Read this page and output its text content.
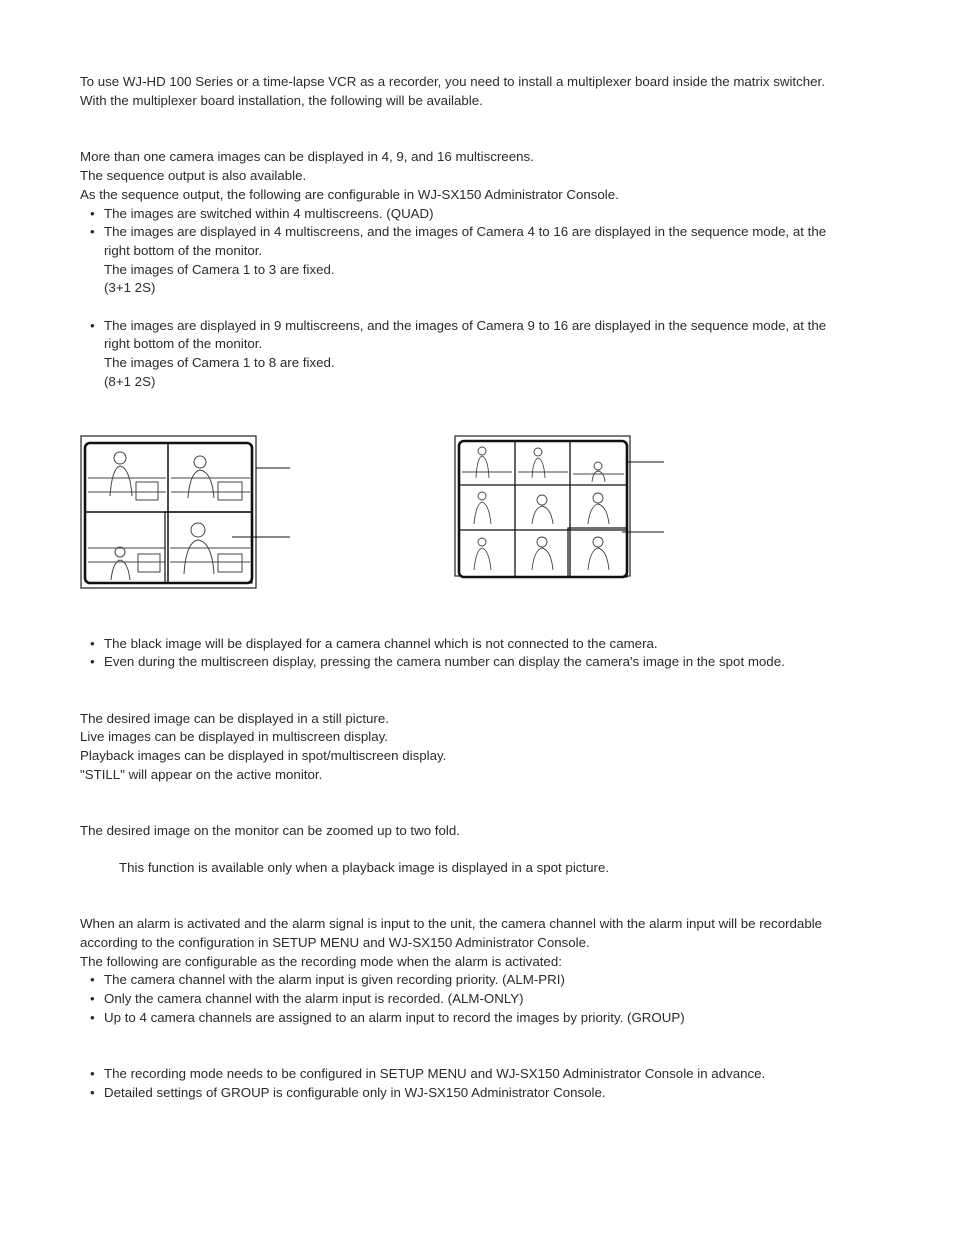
To use WJ-HD 100 Series or a time-lapse VCR as a recorder, you need to install a multiplexer board inside the matrix switcher.
With the multiplexer board installation, the following will be available.
More than one camera images can be displayed in 4, 9, and 16 multiscreens.
The sequence output is also available.
As the sequence output, the following are configurable in WJ-SX150 Administrator Console.
The images are switched within 4 multiscreens. (QUAD)
The images are displayed in 4 multiscreens, and the images of Camera 4 to 16 are displayed in the sequence mode, at the
right bottom of the monitor.
The images of Camera 1 to 3 are fixed.
(3+1 2S)
The images are displayed in 9 multiscreens, and the images of Camera 9 to 16 are displayed in the sequence mode, at the
right bottom of the monitor.
The images of Camera 1 to 8 are fixed.
(8+1 2S)
The black image will be displayed for a camera channel which is not connected to the camera.
Even during the multiscreen display, pressing the camera number can display the camera's image in the spot mode.
The desired image can be displayed in a still picture.
Live images can be displayed in multiscreen display.
Playback images can be displayed in spot/multiscreen display.
"STILL" will appear on the active monitor.
The desired image on the monitor can be zoomed up to two fold.
This function is available only when a playback image is displayed in a spot picture.
When an alarm is activated and the alarm signal is input to the unit, the camera channel with the alarm input will be recordable
according to the configuration in SETUP MENU and WJ-SX150 Administrator Console.
The following are configurable as the recording mode when the alarm is activated:
The camera channel with the alarm input is given recording priority. (ALM-PRI)
Only the camera channel with the alarm input is recorded. (ALM-ONLY)
Up to 4 camera channels are assigned to an alarm input to record the images by priority. (GROUP)
The recording mode needs to be configured in SETUP MENU and WJ-SX150 Administrator Console in advance.
Detailed settings of GROUP is configurable only in WJ-SX150 Administrator Console.
